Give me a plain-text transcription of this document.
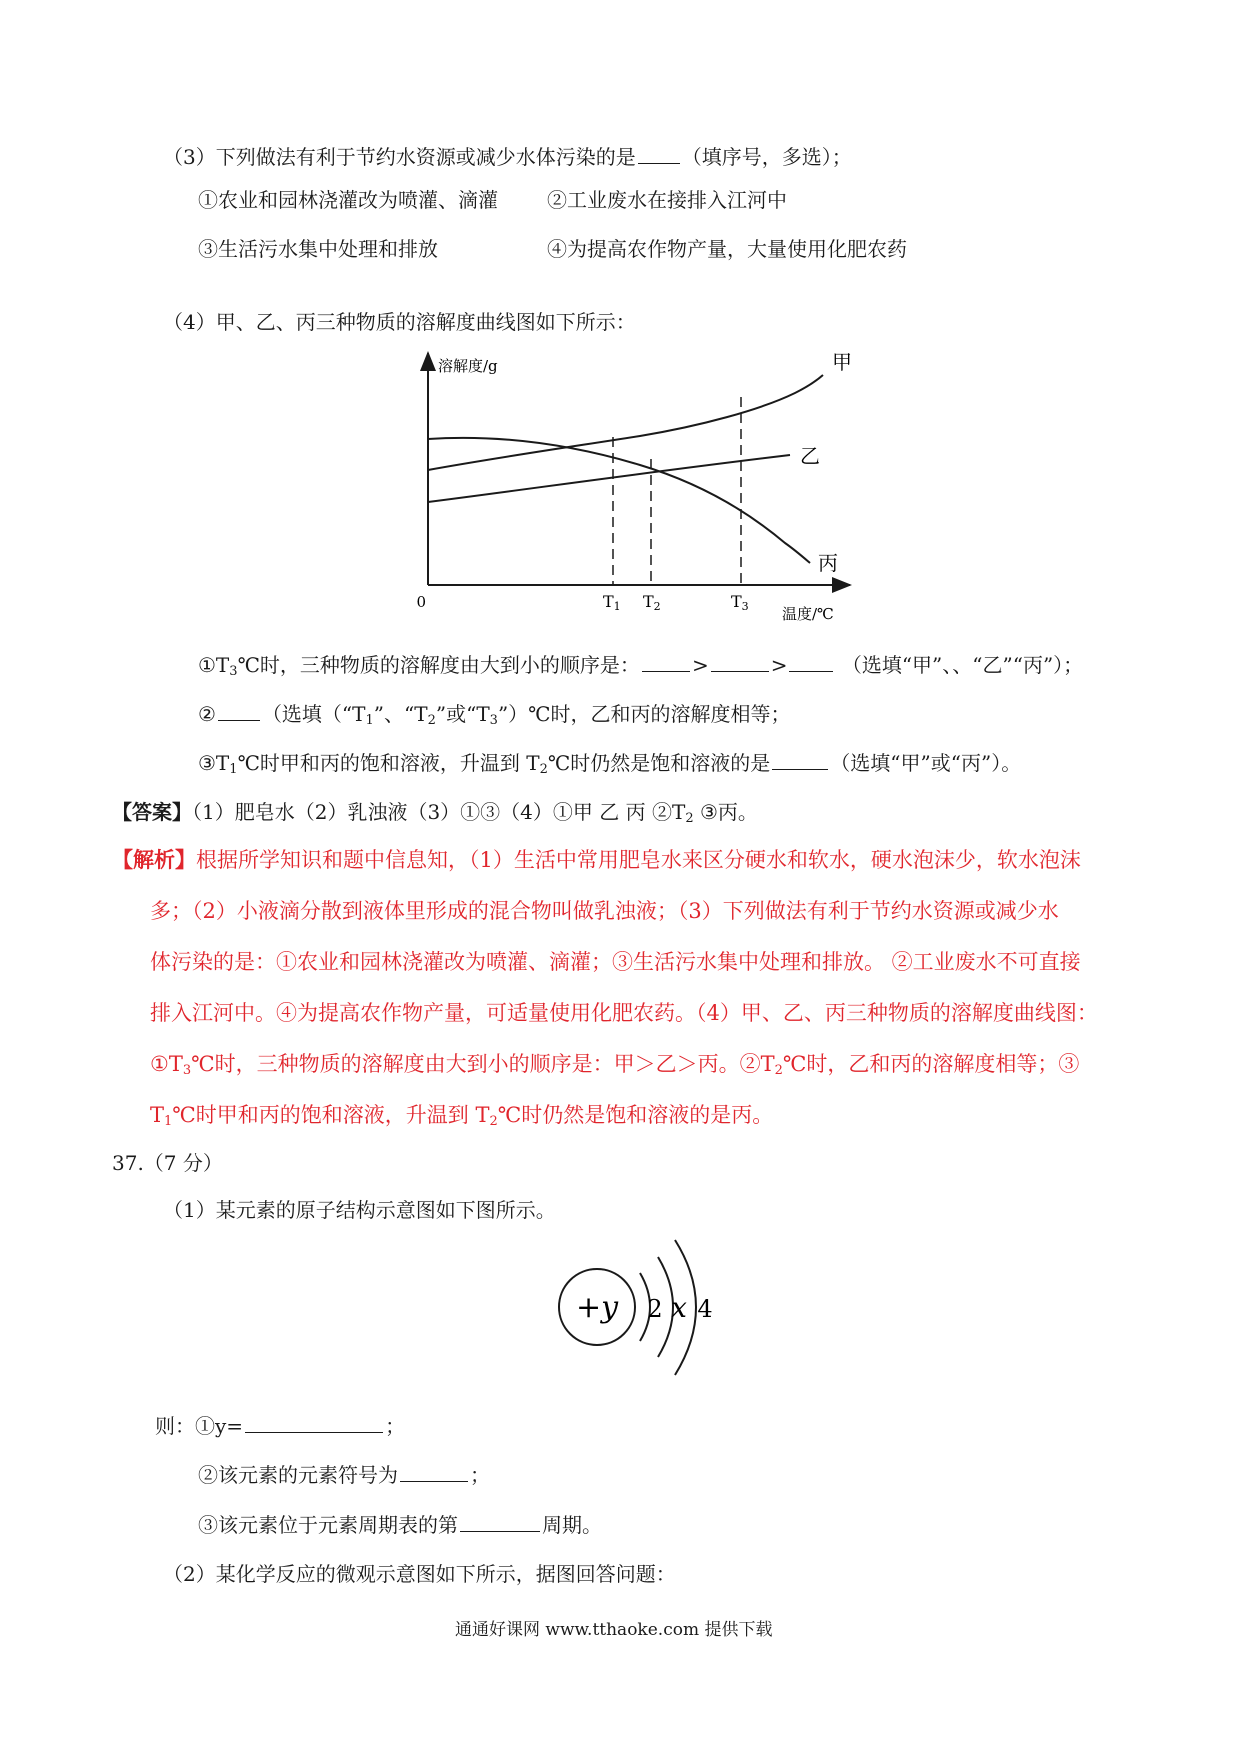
（3）下列做法有利于节约水资源或减少水体污染的是 （填序号，多选）；
①农业和园林浇灌改为喷灌、滴灌 ②工业废水在接排入江河中
③生活污水集中处理和排放	④为提高农作物产量，大量使用化肥农药
（4）甲、乙、丙三种物质的溶解度曲线图如下所示：
溶解度/g
0
温度/℃
甲
乙
丙
T1 T2	T3
$①T_3℃$时，三种物质的溶解度由大到小的顺序是：	>	>	（选填“甲”、、“乙”“丙”）；
② （选填（“$T_1$”、“$T_2$”或“$T_3”)℃$时，乙和丙的溶解度相等；
$③T_1℃$时甲和丙的饱和溶液，升温到 $T_2℃$时仍然是饱和溶液的是	（选填“甲”或“丙”）。
【答案】（1）肥皂水（2）乳浊液（3）①③（4）①甲 乙 丙 $②T_2$ ③丙。
【解析】根据所学知识和题中信息知，（1）生活中常用肥皂水来区分硬水和软水，硬水泡沫少，软水泡沫
多；（2）小液滴分散到液体里形成的混合物叫做乳浊液；（3）下列做法有利于节约水资源或减少水
体污染的是：①农业和园林浇灌改为喷灌、滴灌；③生活污水集中处理和排放。 ②工业废水不可直接
排入江河中。④为提高农作物产量，可适量使用化肥农药。（4）甲、乙、丙三种物质的溶解度曲线图：
$①T_3℃$时，三种物质的溶解度由大到小的顺序是：甲＞乙＞丙。$②T_2℃$时，乙和丙的溶解度相等；③
$T_1℃$时甲和丙的饱和溶液，升温到 $T_2℃$时仍然是饱和溶液的是丙。
37.（7 分）
（1）某元素的原子结构示意图如下图所示。
+y 2 x 4
则：①y=	；
②该元素的元素符号为	；
③该元素位于元素周期表的第	周期。
（2）某化学反应的微观示意图如下所示，据图回答问题：
通通好课网 www.tthaoke.com 提供下载
